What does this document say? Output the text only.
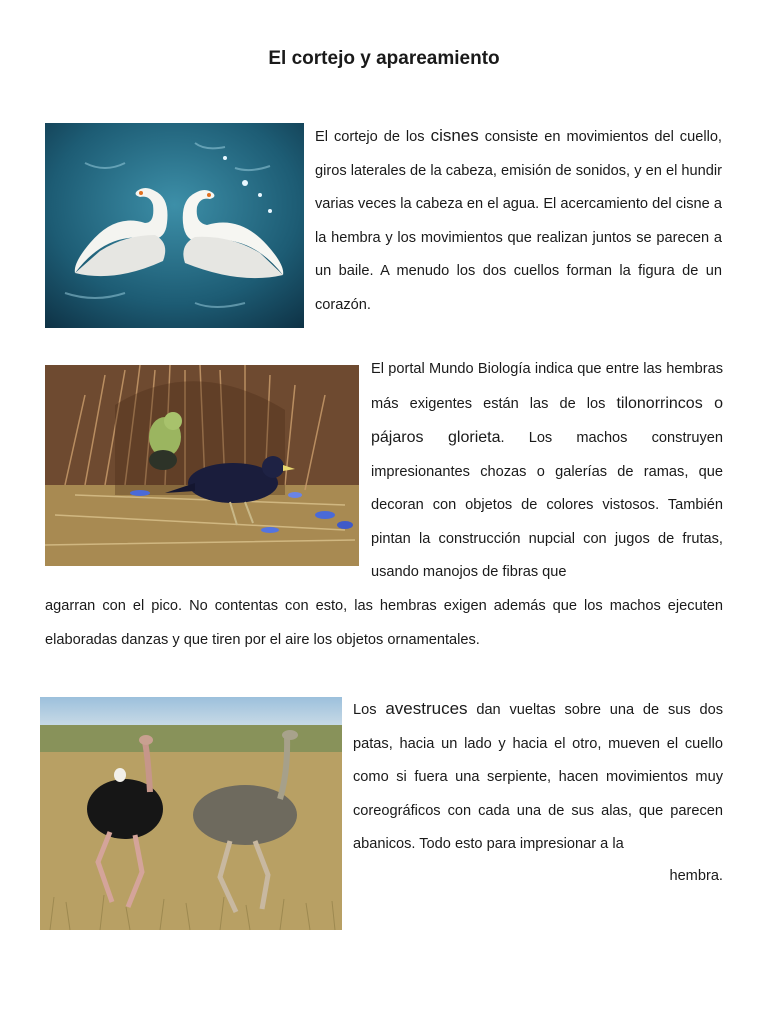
El cortejo y apareamiento
El cortejo de los cisnes consiste en movimientos del cuello, giros laterales de la cabeza, emisión de sonidos, y en el hundir varias veces la cabeza en el agua. El acercamiento del cisne a la hembra y los movimientos que realizan juntos se parecen a un baile. A menudo los dos cuellos forman la figura de un corazón.
El portal Mundo Biología indica que entre las hembras más exigentes están las de los tilonorrincos o pájaros glorieta. Los machos construyen impresionantes chozas o galerías de ramas, que decoran con objetos de colores vistosos. También pintan la construcción nupcial con jugos de frutas, usando manojos de fibras que
agarran con el pico. No contentas con esto, las hembras exigen además que los machos ejecuten elaboradas danzas y que tiren por el aire los objetos ornamentales.
Los avestruces dan vueltas sobre una de sus dos patas, hacia un lado y hacia el otro, mueven el cuello como si fuera una serpiente, hacen movimientos muy coreográficos con cada una de sus alas, que parecen abanicos. Todo esto para impresionar a la
hembra.
